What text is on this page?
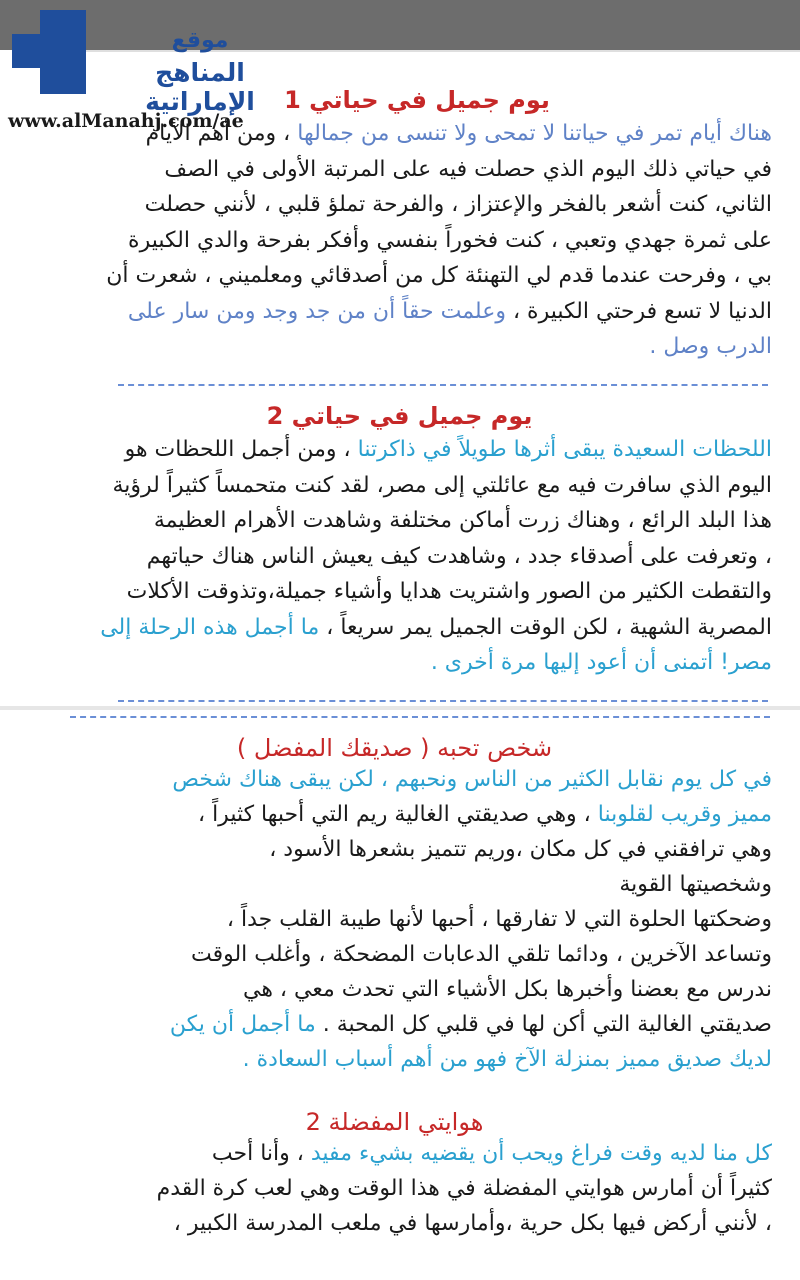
موقع
المناهج الإماراتية
www.alManahj.com/ae
يوم جميل في حياتي 1
هناك أيام تمر في حياتنا لا تمحى ولا تنسى من جمالها ، ومن أهم الأيام
في حياتي ذلك اليوم الذي حصلت فيه على المرتبة الأولى في الصف
الثاني، كنت أشعر بالفخر والإعتزاز ، والفرحة تملؤ قلبي ، لأنني حصلت
على ثمرة جهدي وتعبي ، كنت فخوراً بنفسي وأفكر بفرحة والدي الكبيرة
بي ، وفرحت عندما قدم لي التهنئة كل من أصدقائي ومعلميني ، شعرت أن
الدنيا لا تسع فرحتي الكبيرة ، وعلمت حقاً أن من جد وجد ومن سار على
الدرب وصل .
يوم جميل في حياتي 2
اللحظات السعيدة يبقى أثرها طويلاً في ذاكرتنا ، ومن أجمل اللحظات هو
اليوم الذي سافرت فيه مع عائلتي إلى مصر، لقد كنت متحمساً كثيراً لرؤية
هذا البلد الرائع ، وهناك زرت أماكن مختلفة وشاهدت الأهرام العظيمة
، وتعرفت على أصدقاء جدد ، وشاهدت كيف يعيش الناس هناك حياتهم
والتقطت الكثير من الصور واشتريت هدايا وأشياء جميلة،وتذوقت الأكلات
المصرية الشهية ، لكن الوقت الجميل يمر سريعاً ، ما أجمل هذه الرحلة إلى
مصر! أتمنى أن أعود إليها مرة أخرى .
شخص تحبه ( صديقك المفضل )
في كل يوم نقابل الكثير من الناس ونحبهم ، لكن يبقى هناك شخص
مميز وقريب لقلوبنا ، وهي صديقتي الغالية ريم التي أحبها كثيراً ،
وهي ترافقني في كل مكان ،وريم تتميز بشعرها الأسود ،
وشخصيتها القوية
وضحكتها الحلوة التي لا تفارقها ، أحبها لأنها طيبة القلب جداً ،
وتساعد الآخرين ، ودائما تلقي الدعابات المضحكة ، وأغلب الوقت
ندرس مع بعضنا وأخبرها بكل الأشياء التي تحدث معي ، هي
صديقتي الغالية التي أكن لها في قلبي كل المحبة . ما أجمل أن يكن
لديك صديق مميز بمنزلة الآخ فهو من أهم أسباب السعادة .
هوايتي المفضلة 2
كل منا لديه وقت فراغ ويحب أن يقضيه بشيء مفيد ، وأنا أحب
كثيراً أن أمارس هوايتي المفضلة في هذا الوقت وهي لعب كرة القدم
، لأنني أركض فيها بكل حرية ،وأمارسها في ملعب المدرسة الكبير ،
